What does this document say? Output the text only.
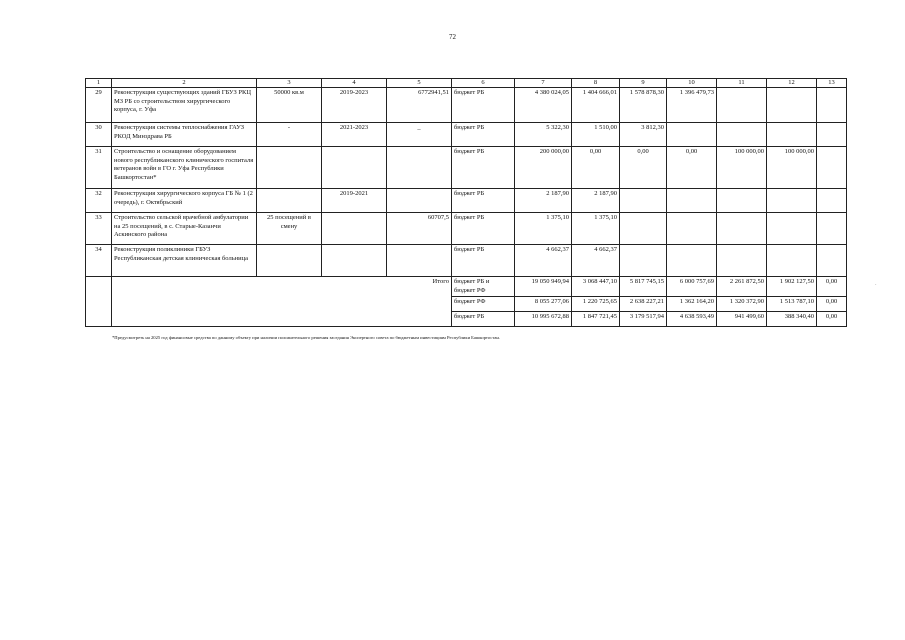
72
1	2	3	4	5	6	7	8	9	10	11	12	13
29	Реконструкция существующих зданий ГБУЗ РКЦ МЗ РБ со строительством хирургического корпуса, г. Уфа	50000 кв.м	2019-2023	6772941,51	бюджет РБ	4 380 024,05	1 404 666,01	1 578 878,30	1 396 479,73			
30	Реконструкция системы теплоснабжения ГАУЗ РКОД Минздрава РБ	-	2021-2023	_	бюджет РБ	5 322,30	1 510,00	3 812,30				
31	Строительство и оснащение оборудованием нового республиканского клинического госпиталя ветеранов войн в ГО г. Уфа Республики Башкортостан*				бюджет РБ	200 000,00	0,00	0,00	0,00	100 000,00	100 000,00	
32	Реконструкция хирургического корпуса ГБ № 1 (2 очередь), г. Октябрьский		2019-2021		бюджет РБ	2 187,90	2 187,90					
33	Строительство сельской врачебной амбулатории на 25 посещений, в с. Старые-Казанчи Аскинского района	25 посещений в смену		60707,5	бюджет РБ	1 375,10	1 375,10					
34	Реконструкция поликлиники ГБУЗ Республиканская детская клиническая больница				бюджет РБ	4 662,37	4 662,37					
	Итого				бюджет РБ и бюджет РФ	19 050 949,94	3 068 447,10	5 817 745,15	6 000 757,69	2 261 872,50	1 902 127,50	0,00
					бюджет РФ	8 055 277,06	1 220 725,65	2 638 227,21	1 362 164,20	1 320 372,90	1 513 787,10	0,00
					бюджет РБ	10 995 672,88	1 847 721,45	3 179 517,94	4 638 593,49	941 499,60	388 340,40	0,00
*Предусмотреть на 2025 год финансовые средства по данному объекту при наличии положительного решения заседания Экспертного совета по бюджетным инвестициям Республики Башкортостан.
·
